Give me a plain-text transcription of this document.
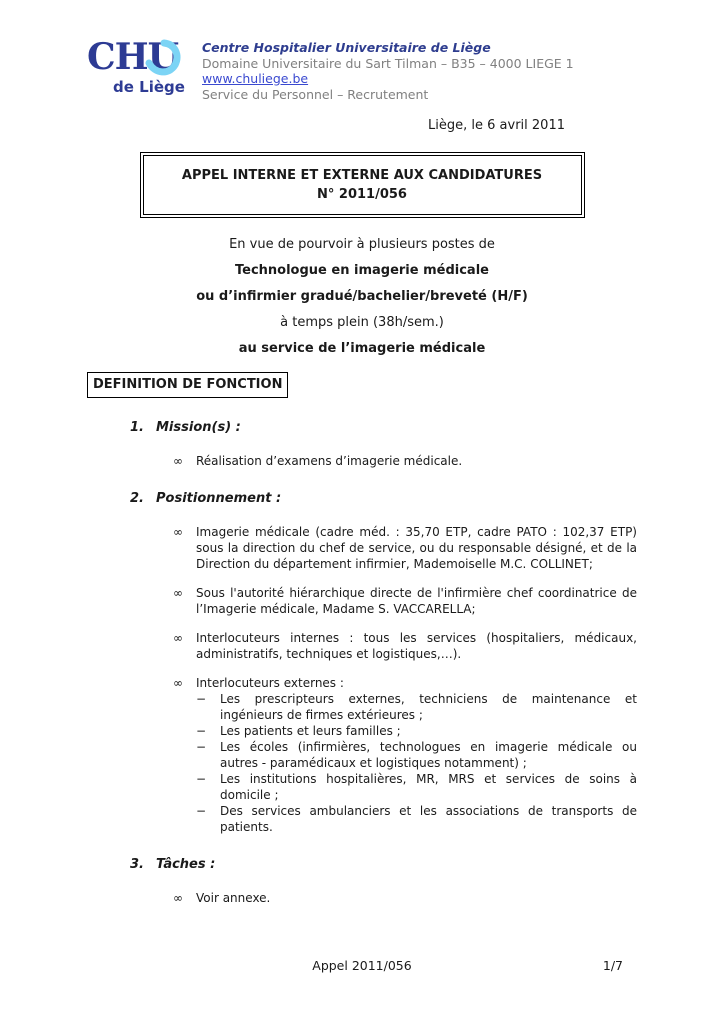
CHU
de Liège
Centre Hospitalier Universitaire de Liège
Domaine Universitaire du Sart Tilman – B35 – 4000 LIEGE 1 www.chuliege.be
Service du Personnel – Recrutement
Liège, le 6 avril 2011
APPEL INTERNE ET EXTERNE AUX CANDIDATURES
N° 2011/056
En vue de pourvoir à plusieurs postes de
Technologue en imagerie médicale
ou d’infirmier gradué/bachelier/breveté (H/F)
à temps plein (38h/sem.)
au service de l’imagerie médicale
DEFINITION DE FONCTION
1. Mission(s) :
∞	Réalisation d’examens d’imagerie médicale.
2. Positionnement :
∞	Imagerie médicale (cadre méd. : 35,70 ETP, cadre PATO : 102,37 ETP) sous la direction du chef de service, ou du responsable désigné, et de la Direction du département infirmier, Mademoiselle M.C. COLLINET;
∞	Sous l'autorité hiérarchique directe de l'infirmière chef coordinatrice de l’Imagerie médicale, Madame S. VACCARELLA;
∞	Interlocuteurs internes : tous les services (hospitaliers, médicaux, administratifs, techniques et logistiques,…).
∞	Interlocuteurs externes :
−	Les prescripteurs externes, techniciens de maintenance et ingénieurs de firmes extérieures ;
−	Les patients et leurs familles ;
−	Les écoles (infirmières, technologues en imagerie médicale ou autres - paramédicaux et logistiques notamment) ;
−	Les institutions hospitalières, MR, MRS et services de soins à domicile ;
−	Des services ambulanciers et les associations de transports de patients.
3. Tâches :
∞	Voir annexe.
Appel 2011/056	1/7
